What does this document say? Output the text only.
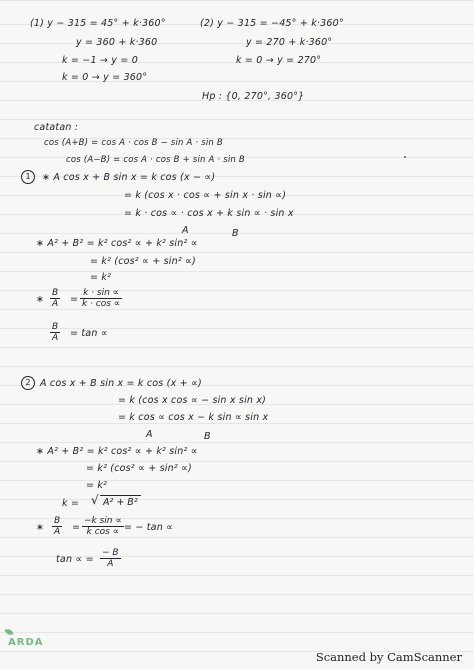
(1) y − 315 = 45° + k·360°
y = 360 + k·360
k = −1 → y = 0
k = 0 → y = 360°
(2) y − 315 = −45° + k·360°
y = 270 + k·360°
k = 0 → y = 270°
Hp : {0, 270°, 360°}
catatan :
cos (A+B) = cos A · cos B − sin A · sin B
cos (A−B) = cos A · cos B + sin A · sin B
1	∗ A cos x + B sin x = k cos (x − ∝)
= k (cos x · cos ∝ + sin x · sin ∝)
= k · cos ∝ · cos x + k sin ∝ · sin x
A	B
∗ A² + B² = k² cos² ∝ + k² sin² ∝
= k² (cos² ∝ + sin² ∝)
= k²
∗ $\frac{B}{A} = \frac{k \cdot \sin \propto}{k \cdot \cos \propto}$
$\frac{B}{A} = \tan$ ∝
2 A cos x + B sin x = k cos (x + ∝)
= k (cos x cos ∝ − sin x sin x)
= k cos ∝ cos x − k sin ∝ sin x
A	B
∗ A² + B² = k² cos² ∝ + k² sin² ∝
= k² (cos² ∝ + sin² ∝)
= k²
k =
√	A² + B²
∗ $\frac{B}{A} = \frac{\text{−k sin ∝}}{\text{k cos ∝}}$ = − tan ∝
tan ∝ = $\frac{- B}{A}$
ARDA
Scanned by CamScanner
